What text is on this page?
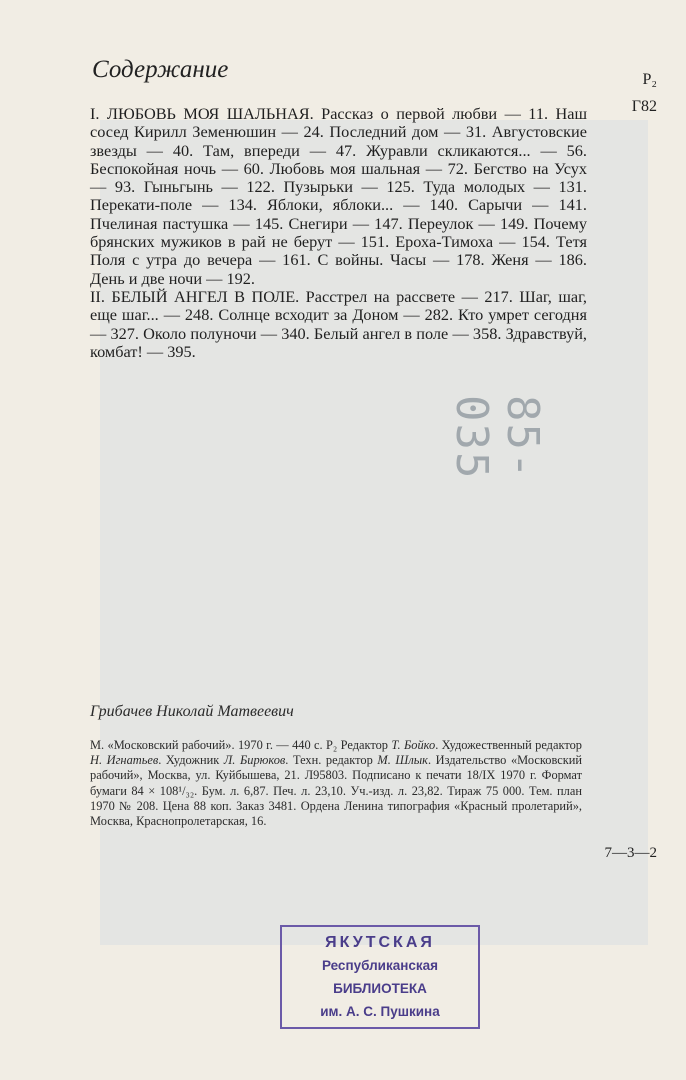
85-035
Содержание	Р₂
Г82

I. ЛЮБОВЬ МОЯ ШАЛЬНАЯ. Рассказ о первой любви — 11. Наш сосед Кирилл Земенюшин — 24. Последний дом — 31. Августовские звезды — 40. Там, впереди — 47. Журавли скликаются... — 56. Беспокойная ночь — 60. Любовь моя шальная — 72. Бегство на Усух — 93. Гыньгынь — 122. Пузырьки — 125. Туда молодых — 131. Перекати-поле — 134. Яблоки, яблоки... — 140. Сарычи — 141. Пчелиная пастушка — 145. Снегири — 147. Переулок — 149. Почему брянских мужиков в рай не берут — 151. Ероха-Тимоха — 154. Тетя Поля с утра до вечера — 161. С войны. Часы — 178. Женя — 186. День и две ночи — 192.

II. БЕЛЫЙ АНГЕЛ В ПОЛЕ. Расстрел на рассвете — 217. Шаг, шаг, еще шаг... — 248. Солнце всходит за Доном — 282. Кто умрет сегодня — 327. Около полуночи — 340. Белый ангел в поле — 358. Здравствуй, комбат! — 395.

Грибачев Николай Матвеевич
М. «Московский рабочий». 1970 г. — 440 с. Р₂ Редактор Т. Бойко. Художественный редактор Н. Игнатьев. Художник Л. Бирюков. Техн. редактор М. Шлык. Издательство «Московский рабочий», Москва, ул. Куйбышева, 21. Л95803. Подписано к печати 18/IX 1970 г. Формат бумаги 84 × 108¹/₃₂. Бум. л. 6,87. Печ. л. 23,10. Уч.-изд. л. 23,82. Тираж 75 000. Тем. план 1970 № 208. Цена 88 коп. Заказ 3481. Ордена Ленина типография «Красный пролетарий», Москва, Краснопролетарская, 16.
7—3—2
ЯКУТСКАЯ
Республиканская
БИБЛИОТЕКА
им. А. С. Пушкина
